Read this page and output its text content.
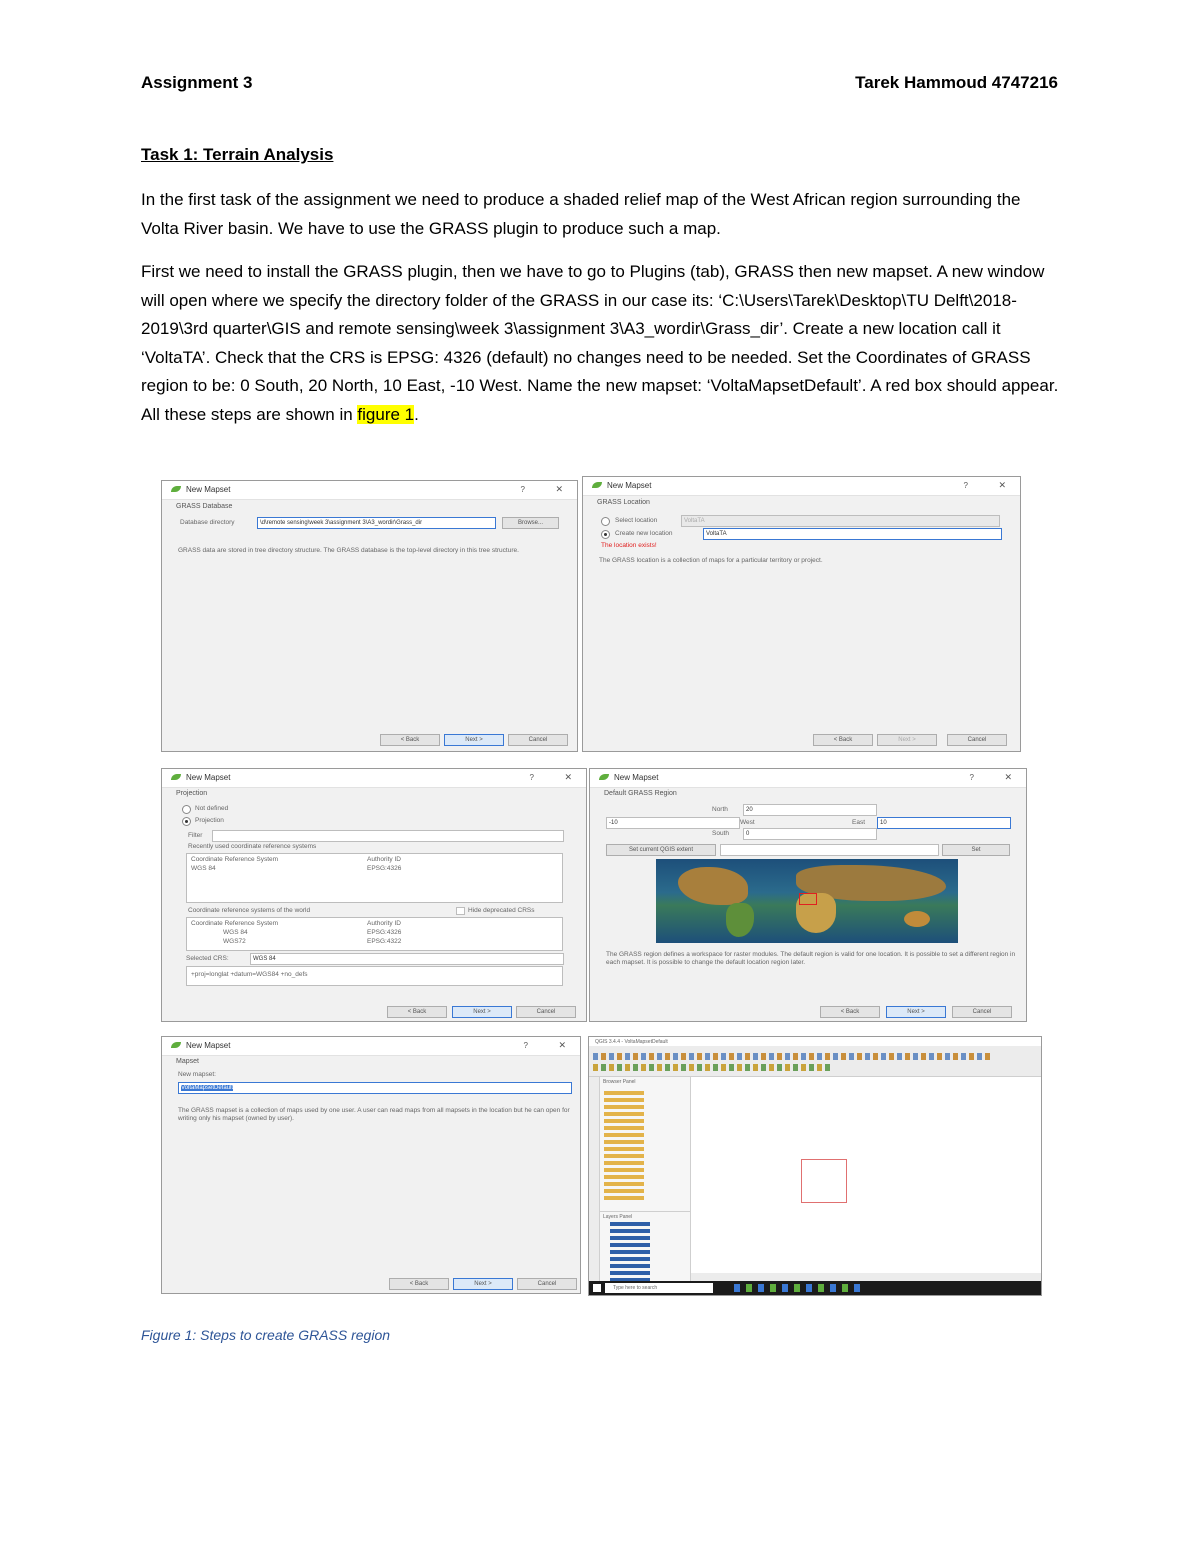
Assignment 3	Tarek Hammoud 4747216
Task 1: Terrain Analysis
In the first task of the assignment we need to produce a shaded relief map of the West African region surrounding the Volta River basin. We have to use the GRASS plugin to produce such a map.
First we need to install the GRASS plugin, then we have to go to Plugins (tab), GRASS then new mapset. A new window will open where we specify the directory folder of the GRASS in our case its: ‘C:\Users\Tarek\Desktop\TU Delft\2018-2019\3rd quarter\GIS and remote sensing\week 3\assignment 3\A3_wordir\Grass_dir’. Create a new location call it ‘VoltaTA’. Check that the CRS is EPSG: 4326 (default) no changes need to be needed. Set the Coordinates of GRASS region to be: 0 South, 20 North, 10 East, -10 West. Name the new mapset: ‘VoltaMapsetDefault’. A red box should appear. All these steps are shown in figure 1.
New Mapset	?	✕
GRASS Database
Database directory	\d\remote sensing\week 3\assignment 3\A3_wordir\Grass_dir	Browse...
GRASS data are stored in tree directory structure. The GRASS database is the top-level directory in this tree structure.
< Back	Next >	Cancel
New Mapset	?	✕
GRASS Location
Select location	VoltaTA
Create new location	VoltaTA
The location exists!
The GRASS location is a collection of maps for a particular territory or project.
< Back	Next >	Cancel
New Mapset	?	✕
Projection
Not defined
Projection
Filter
Recently used coordinate reference systems
Coordinate Reference System	Authority ID
WGS 84	EPSG:4326
Coordinate reference systems of the world	Hide deprecated CRSs
Coordinate Reference System	Authority ID
WGS 84	EPSG:4326
WGS72	EPSG:4322
Selected CRS:	WGS 84
+proj=longlat +datum=WGS84 +no_defs
< Back	Next >	Cancel
New Mapset	?	✕
Default GRASS Region
North	20
-10	West	East	10
South	0
Set current QGIS extent	Set
The GRASS region defines a workspace for raster modules. The default region is valid for one location. It is possible to set a different region in each mapset. It is possible to change the default location region later.
< Back	Next >	Cancel
New Mapset	?	✕
Mapset
New mapset:
VoltaMapsetDefault
The GRASS mapset is a collection of maps used by one user. A user can read maps from all mapsets in the location but he can open for writing only his mapset (owned by user).
< Back	Next >	Cancel
QGIS 3.4.4 - VoltaMapsetDefault
Browser Panel
Layers Panel
Type here to search
Figure 1: Steps to create GRASS region
